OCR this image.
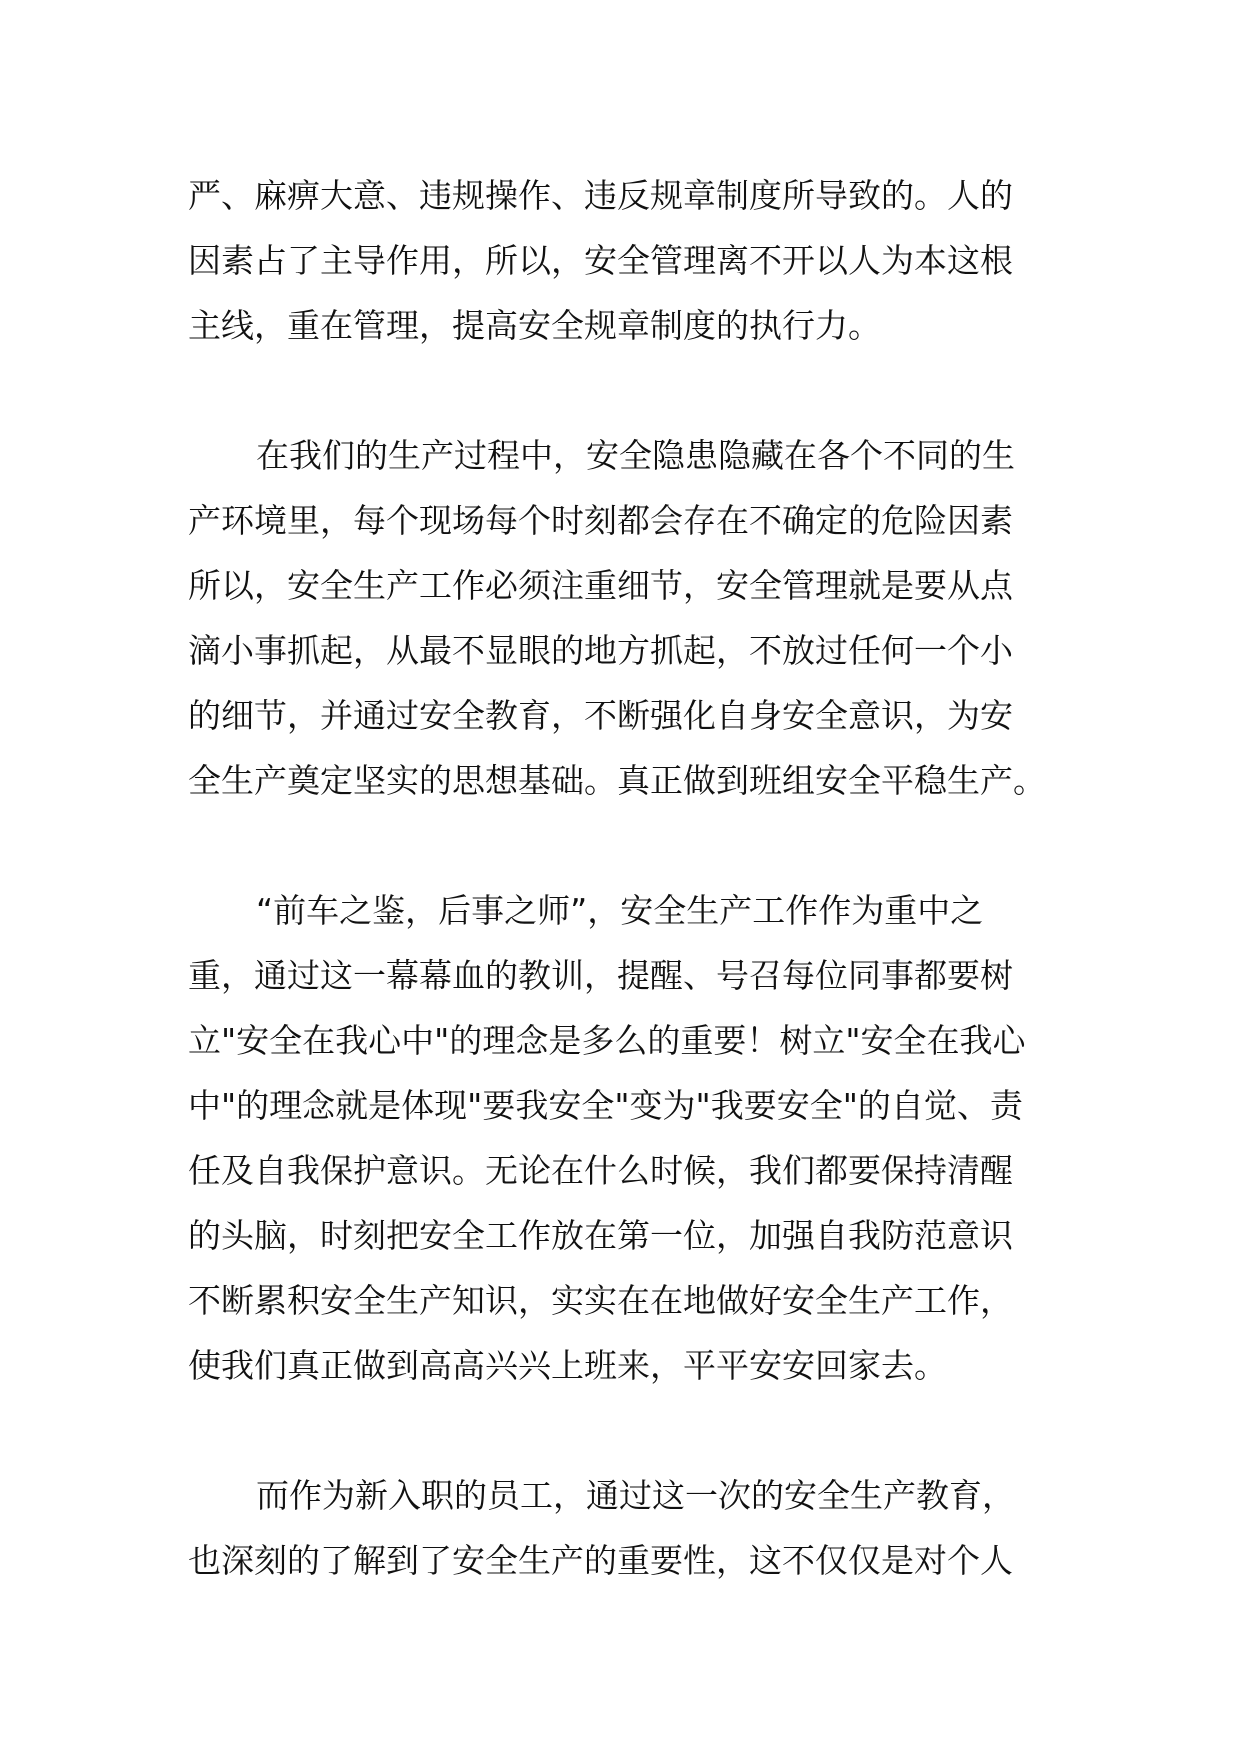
严、麻痹大意、违规操作、违反规章制度所导致的。人的
因素占了主导作用，所以，安全管理离不开以人为本这根
主线，重在管理，提高安全规章制度的执行力。
在我们的生产过程中，安全隐患隐藏在各个不同的生
产环境里，每个现场每个时刻都会存在不确定的危险因素
所以，安全生产工作必须注重细节，安全管理就是要从点
滴小事抓起，从最不显眼的地方抓起，不放过任何一个小
的细节，并通过安全教育，不断强化自身安全意识，为安
全生产奠定坚实的思想基础。真正做到班组安全平稳生产。
“前车之鉴，后事之师”，安全生产工作作为重中之
重，通过这一幕幕血的教训，提醒、号召每位同事都要树
立"安全在我心中"的理念是多么的重要！树立"安全在我心
中"的理念就是体现"要我安全"变为"我要安全"的自觉、责
任及自我保护意识。无论在什么时候，我们都要保持清醒
的头脑，时刻把安全工作放在第一位，加强自我防范意识
不断累积安全生产知识，实实在在地做好安全生产工作，
使我们真正做到高高兴兴上班来，平平安安回家去。
而作为新入职的员工，通过这一次的安全生产教育，
也深刻的了解到了安全生产的重要性，这不仅仅是对个人
